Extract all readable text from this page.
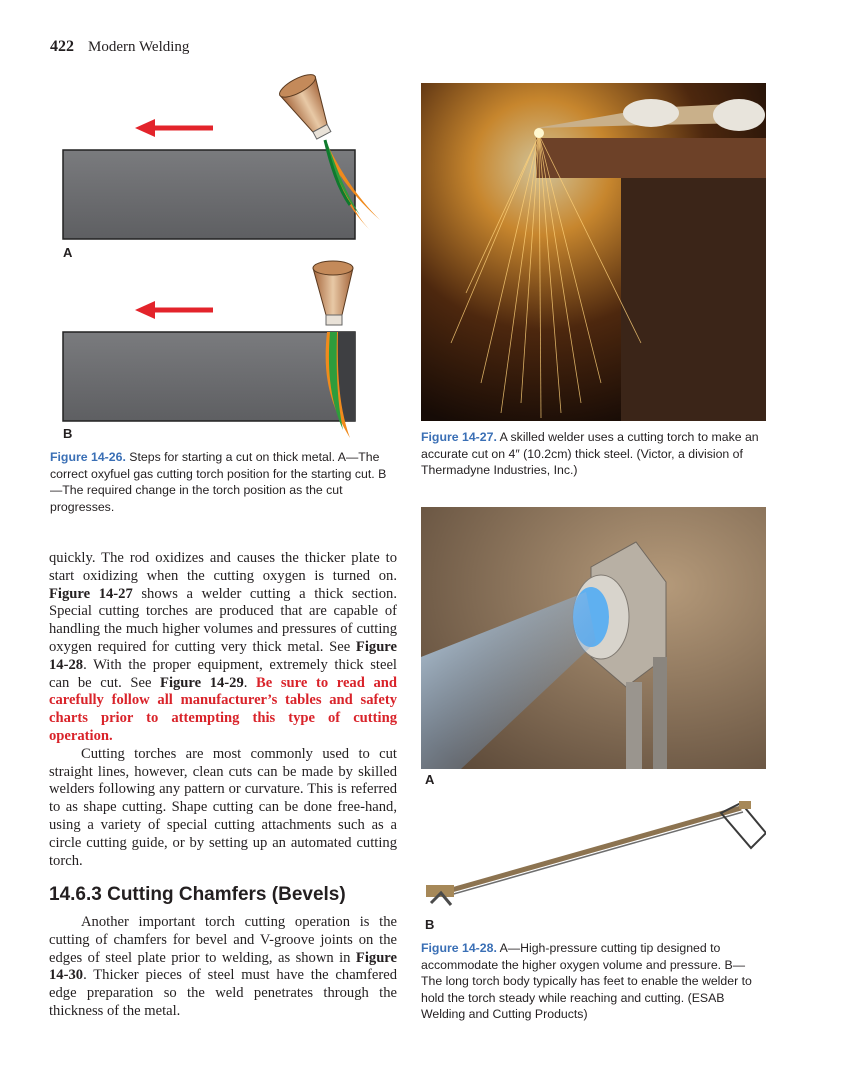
422 Modern Welding
A
B
Figure 14-26. Steps for starting a cut on thick metal. A—The correct oxyfuel gas cutting torch position for the starting cut. B—The required change in the torch position as the cut progresses.
Figure 14-27. A skilled welder uses a cutting torch to make an accurate cut on 4″ (10.2cm) thick steel. (Victor, a division of Thermadyne Industries, Inc.)
A
B
Figure 14-28. A—High-pressure cutting tip designed to accommodate the higher oxygen volume and pressure. B—The long torch body typically has feet to enable the welder to hold the torch steady while reaching and cutting. (ESAB Welding and Cutting Products)

quickly. The rod oxidizes and causes the thicker plate to start oxidizing when the cutting oxygen is turned on. Figure 14-27 shows a welder cutting a thick section. Special cutting torches are produced that are capable of handling the much higher volumes and pressures of cutting oxygen required for cutting very thick metal. See Figure 14-28. With the proper equipment, extremely thick steel can be cut. See Figure 14-29. Be sure to read and carefully follow all manufacturer’s tables and safety charts prior to attempting this type of cutting operation.

Cutting torches are most commonly used to cut straight lines, however, clean cuts can be made by skilled welders following any pattern or curvature. This is referred to as shape cutting. Shape cutting can be done free-hand, using a variety of special cutting attachments such as a circle cutting guide, or by setting up an automated cutting torch.

14.6.3 Cutting Chamfers (Bevels)

Another important torch cutting operation is the cutting of chamfers for bevel and V-groove joints on the edges of steel plate prior to welding, as shown in Figure 14-30. Thicker pieces of steel must have the chamfered edge preparation so the weld penetrates through the thickness of the metal.
